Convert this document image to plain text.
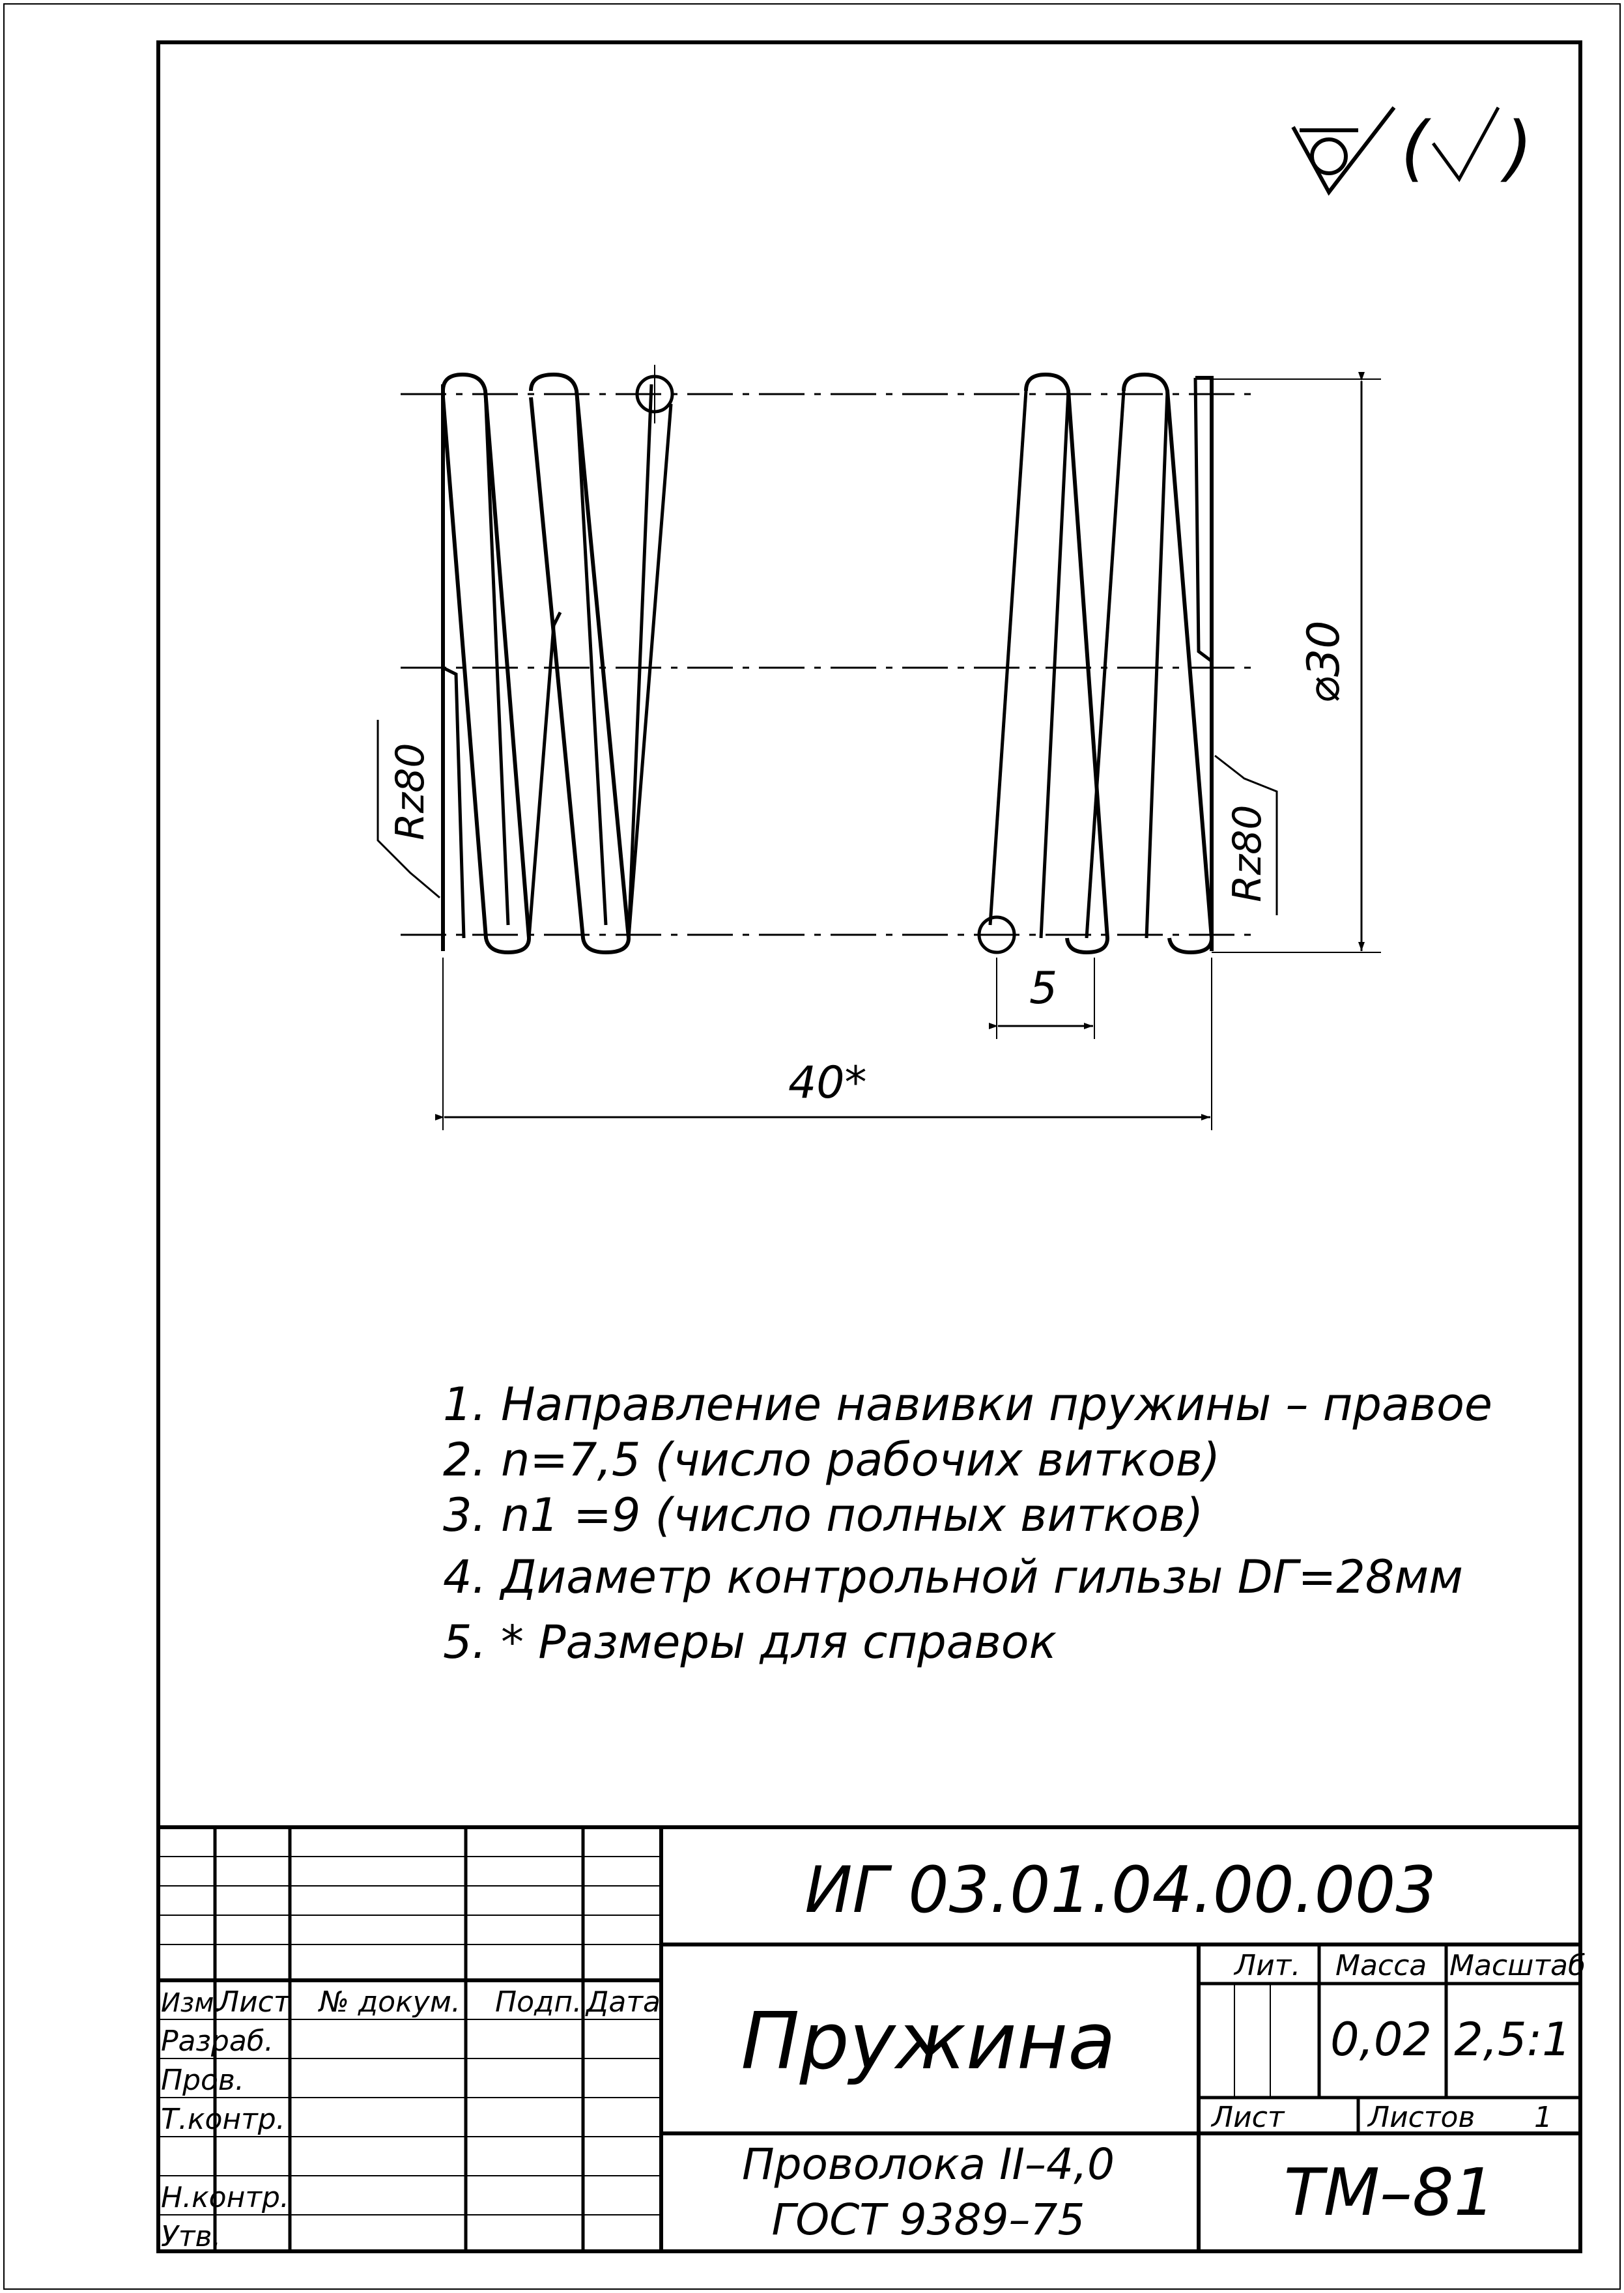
( )
⌀30
5
40*
Rz80
Rz80
1. Направление навивки пружины – правое
2. n=7,5 (число рабочих витков)
3. n1 =9 (число полных витков)
4. Диаметр контрольной гильзы DГ=28мм
5. * Размеры для справок
Изм.
Лист № докум. Подп. Дата
Разраб.
Пров.
Т.контр.
Н.контр.
Утв.
ИГ 03.01.04.00.003
Пружина
Проволока II–4,0
ГОСТ 9389–75
Лит. Масса Масштаб
0,02 2,5:1
Лист	Листов 1
ТМ–81
